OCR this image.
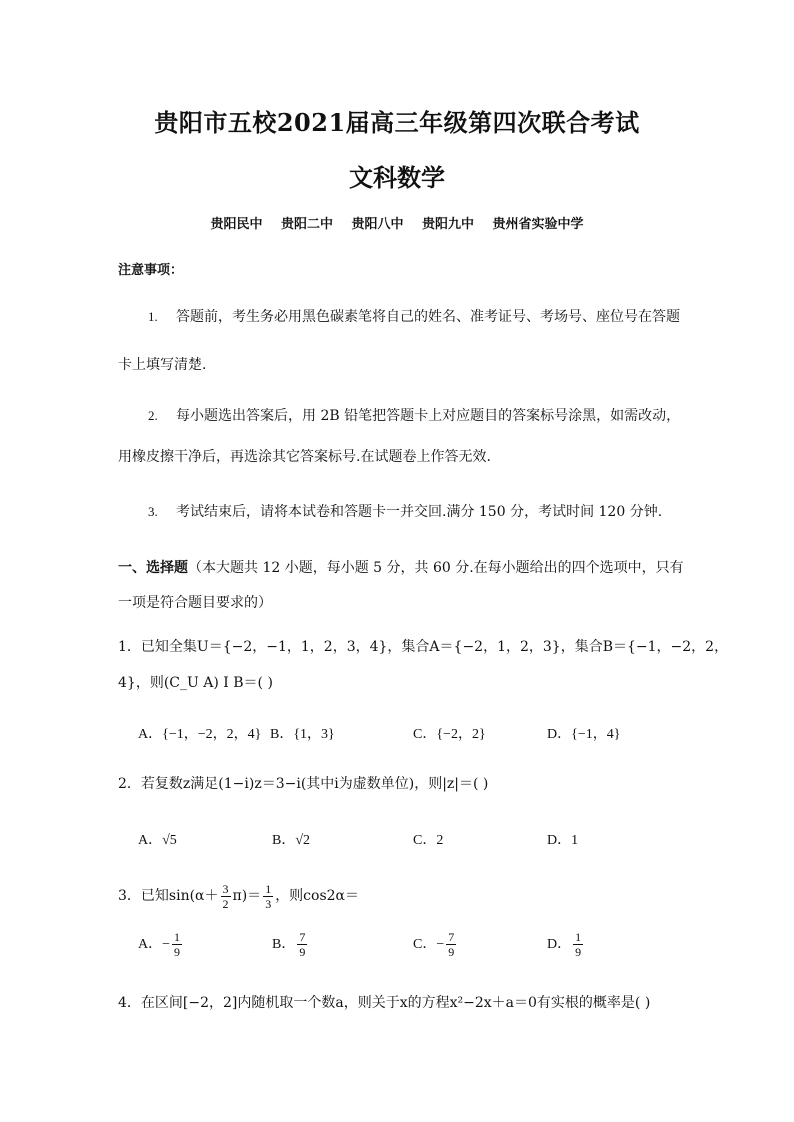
贵阳市五校2021届高三年级第四次联合考试
文科数学
贵阳民中 贵阳二中 贵阳八中 贵阳九中 贵州省实验中学
注意事项：
1. 答题前，考生务必用黑色碳素笔将自己的姓名、准考证号、考场号、座位号在答题
卡上填写清楚.
2. 每小题选出答案后，用 2B 铅笔把答题卡上对应题目的答案标号涂黑，如需改动，
用橡皮擦干净后，再选涂其它答案标号.在试题卷上作答无效.
3. 考试结束后，请将本试卷和答题卡一并交回.满分 150 分，考试时间 120 分钟.
一、选择题（本大题共 12 小题，每小题 5 分，共 60 分.在每小题给出的四个选项中，只有
一项是符合题目要求的）
1．已知全集U＝{−2，−1，1，2，3，4}，集合A＝{−2，1，2，3}，集合B＝{−1，−2，2，
4}，则(C_U A) I B＝( )
A．{−1，−2，2，4} B．{1，3}	C．{−2，2}	D．{−1，4}
2．若复数z满足(1−i)z＝3−i(其中i为虚数单位)，则|z|＝( )
A．√5	B．√2	C．2	D．1
3．已知$\sin(\alpha+ \frac{3}{2} \pi)= \frac{1}{3}$ ，则cos2α＝
A．− $\frac{1}{9}$	B． $\frac{7}{9}$	C．− $\frac{7}{9}$	D． $\frac{1}{9}$
4．在区间[−2，2]内随机取一个数a，则关于x的方程x²−2x＋a＝0有实根的概率是( )
